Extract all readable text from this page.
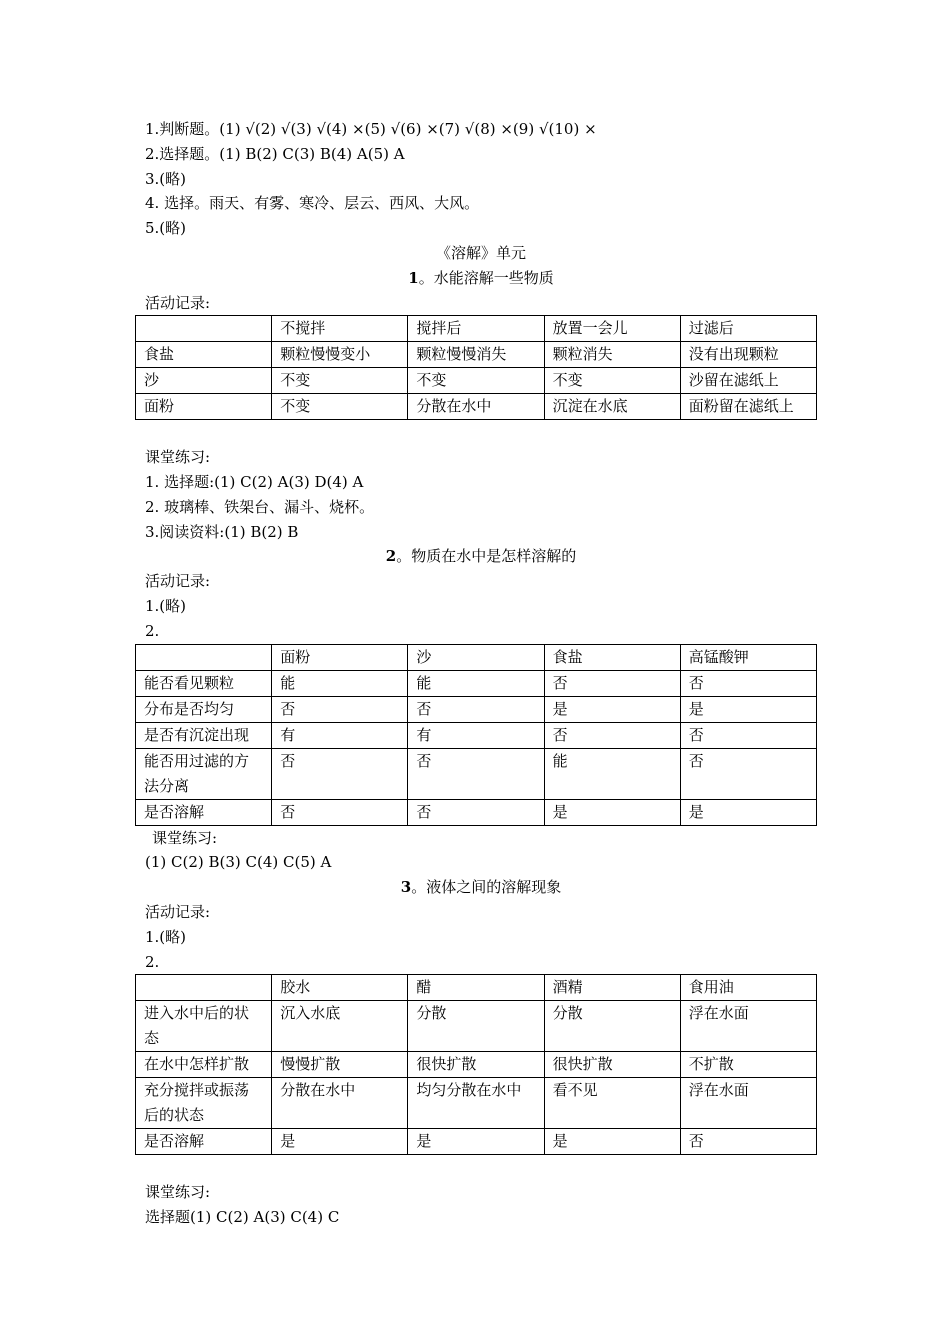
1.判断题。(1) √(2) √(3) √(4) ×(5) √(6) ×(7) √(8) ×(9) √(10) ×
2.选择题。(1) B(2) C(3) B(4) A(5) A
3.(略)
4. 选择。雨天、有雾、寒冷、层云、西风、大风。
5.(略)
《溶解》单元
1。水能溶解一些物质
活动记录:
	不搅拌	搅拌后	放置一会儿	过滤后
食盐	颗粒慢慢变小	颗粒慢慢消失	颗粒消失	没有出现颗粒
沙	不变	不变	不变	沙留在滤纸上
面粉	不变	分散在水中	沉淀在水底	面粉留在滤纸上
课堂练习:
1. 选择题:(1) C(2) A(3) D(4) A
2. 玻璃棒、铁架台、漏斗、烧杯。
3.阅读资料:(1) B(2) B
2。物质在水中是怎样溶解的
活动记录:
1.(略)
2.
	面粉	沙	食盐	高锰酸钾
能否看见颗粒	能	能	否	否
分布是否均匀	否	否	是	是
是否有沉淀出现	有	有	否	否
能否用过滤的方法分离	否	否	能	否
是否溶解	否	否	是	是
课堂练习:
(1) C(2) B(3) C(4) C(5) A
3。液体之间的溶解现象
活动记录:
1.(略)
2.
	胶水	醋	酒精	食用油
进入水中后的状态	沉入水底	分散	分散	浮在水面
在水中怎样扩散	慢慢扩散	很快扩散	很快扩散	不扩散
充分搅拌或振荡后的状态	分散在水中	均匀分散在水中	看不见	浮在水面
是否溶解	是	是	是	否
课堂练习:
选择题(1) C(2) A(3) C(4) C
